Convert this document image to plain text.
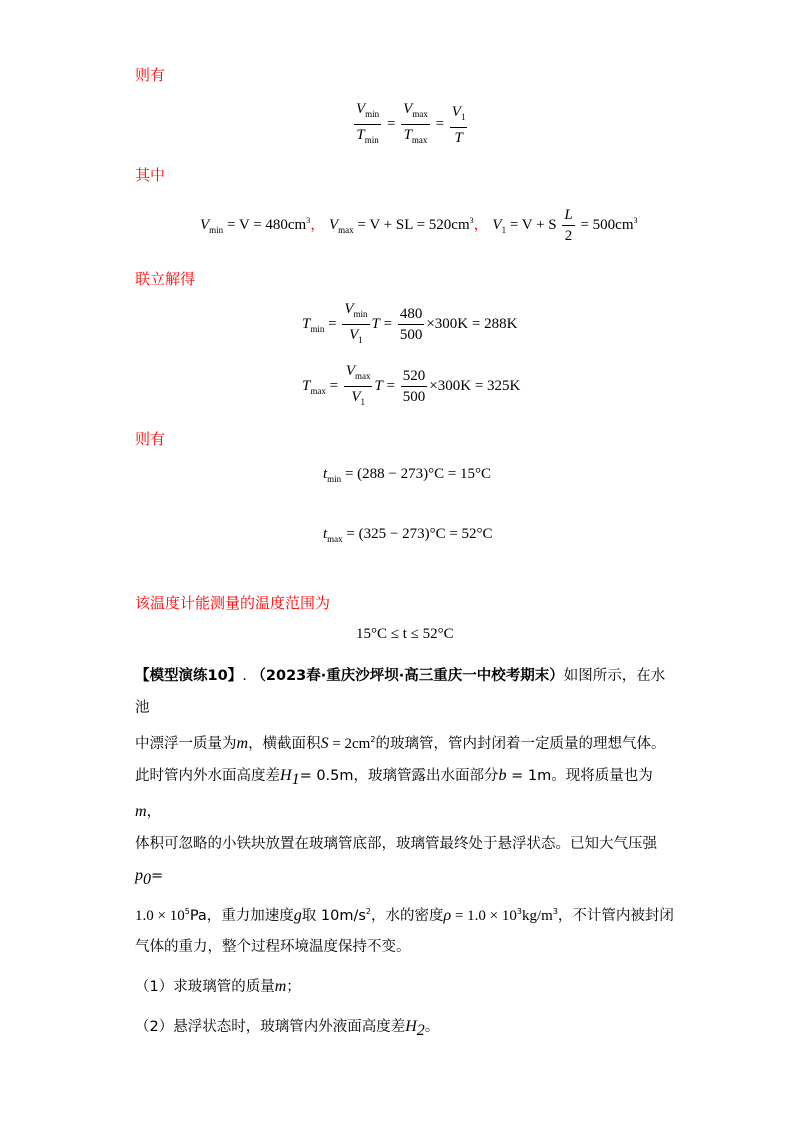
则有
$\frac{V_{min}}{T_{min}} = \frac{V_{max}}{T_{max}} = \frac{V_1}{T}$
其中
$V_{min} = V = 480cm^3$， $V_{max} = V$ + SL = $520cm^3$， $V_1 = V + S \frac{L}{2} = 500cm^3$
联立解得
$T_{min} = \frac{V_{min}}{V_1}$ $T = \frac{480}{500} \times 300K = 288K$
$T_{max} = \frac{V_{max}}{V_1}$ $T = \frac{520}{500} \times 300K = 325K$
则有
$t_{min} = (288 - 273)^\circ C = 15^\circ C$
$t_{max} = (325 - 273)^\circ C = 52^\circ C$
该温度计能测量的温度范围为
15°C ≤ t ≤ 52°C
【模型演练10】. （2023春·重庆沙坪坝·高三重庆一中校考期末）如图所示，在水池
中漂浮一质量为m，横截面积$S = 2cm^2$的玻璃管，管内封闭着一定质量的理想气体。
此时管内外水面高度差$H_1= 0.5m$，玻璃管露出水面部分b = 1m。现将质量也为m，
体积可忽略的小铁块放置在玻璃管底部，玻璃管最终处于悬浮状态。已知大气压强$p_0=$
$1.0 \times 10^5Pa$，重力加速度g取 $10m/s^2$，水的密度$\rho = 1.0 \times 10^3kg/m^3$，不计管内被封闭
气体的重力，整个过程环境温度保持不变。
（1）求玻璃管的质量m；
（2）悬浮状态时，玻璃管内外液面高度差$H_2$。
